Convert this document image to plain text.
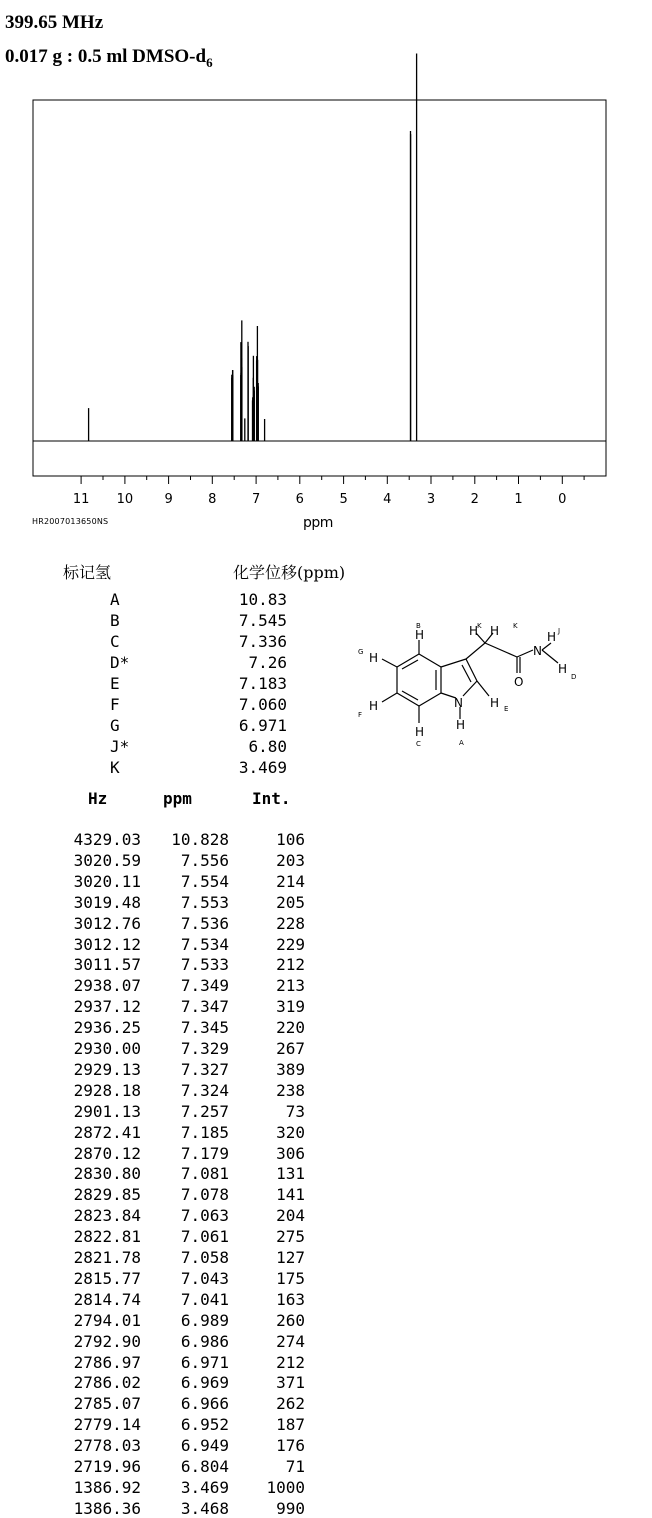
399.65 MHz
0.017 g : 0.5 ml DMSO-$d_6$
11 10 9	8	7	6	5	4	3	2	1	0
HR2007013650NS	ppm
标记氢	化学位移(ppm)
A	10.83
B	7.545
C	7.336
D*	7.26
E	7.183
F	7.060
G	6.971
J*	6.80
K	3.469
H
H
H
H
N
H
H
H H
O
N
H
H
B
G
F
C	A
E
K	K
J
D
Hz	ppm	Int.
4329.03 10.828	106
3020.59 7.556	203
3020.11 7.554	214
3019.48 7.553	205
3012.76 7.536	228
3012.12 7.534	229
3011.57 7.533	212
2938.07 7.349	213
2937.12 7.347	319
2936.25 7.345	220
2930.00 7.329	267
2929.13 7.327	389
2928.18 7.324	238
2901.13 7.257	73
2872.41 7.185	320
2870.12 7.179	306
2830.80 7.081	131
2829.85 7.078	141
2823.84 7.063	204
2822.81 7.061	275
2821.78 7.058	127
2815.77 7.043	175
2814.74 7.041	163
2794.01 6.989	260
2792.90 6.986	274
2786.97 6.971	212
2786.02 6.969	371
2785.07 6.966	262
2779.14 6.952	187
2778.03 6.949	176
2719.96 6.804	71
1386.92 3.469 1000
1386.36 3.468	990
